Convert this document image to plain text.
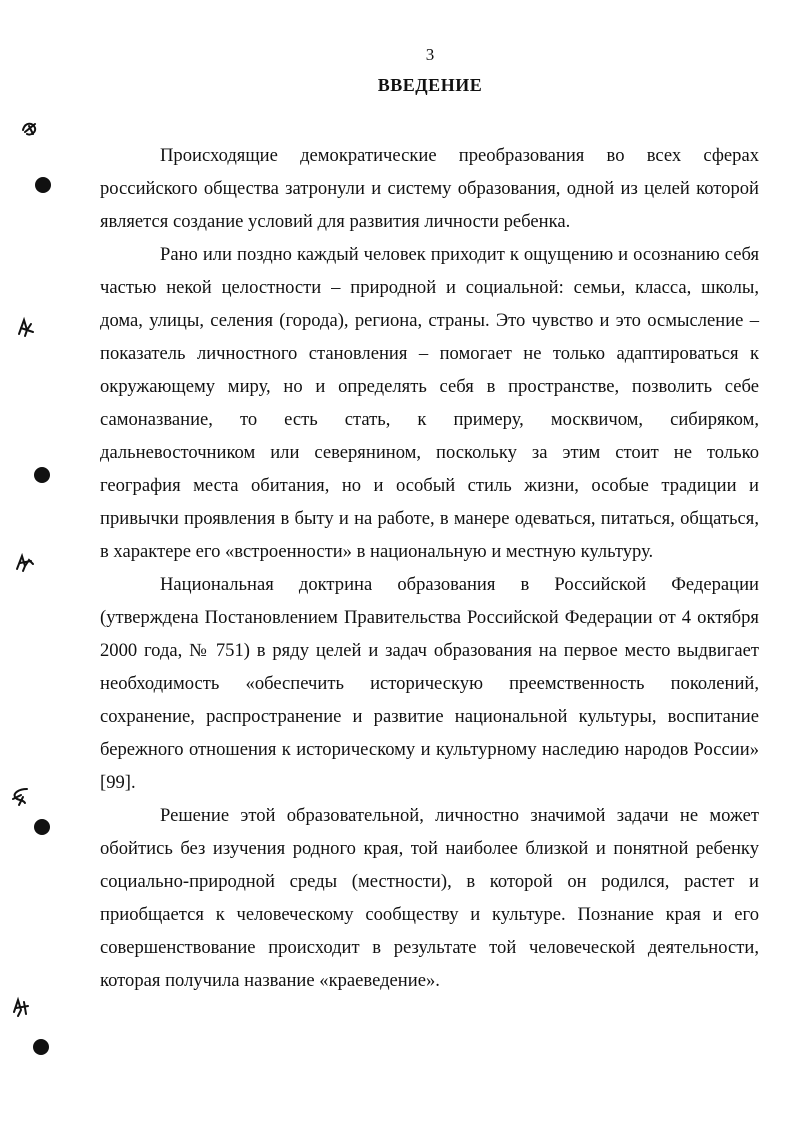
3
ВВЕДЕНИЕ

Происходящие демократические преобразования во всех сферах российского общества затронули и систему образования, одной из целей которой является создание условий для развития личности ребенка.

Рано или поздно каждый человек приходит к ощущению и осознанию себя частью некой целостности – природной и социальной: семьи, класса, школы, дома, улицы, селения (города), региона, страны. Это чувство и это осмысление – показатель личностного становления – помогает не только адаптироваться к окружающему миру, но и определять себя в пространстве, позволить себе самоназвание, то есть стать, к примеру, москвичом, сибиряком, дальневосточником или северянином, поскольку за этим стоит не только география места обитания, но и особый стиль жизни, особые традиции и привычки проявления в быту и на работе, в манере одеваться, питаться, общаться, в характере его «встроенности» в национальную и местную культуру.

Национальная доктрина образования в Российской Федерации (утверждена Постановлением Правительства Российской Федерации от 4 октября 2000 года, № 751) в ряду целей и задач образования на первое место выдвигает необходимость «обеспечить историческую преемственность поколений, сохранение, распространение и развитие национальной культуры, воспитание бережного отношения к историческому и культурному наследию народов России» [99].

Решение этой образовательной, личностно значимой задачи не может обойтись без изучения родного края, той наиболее близкой и понятной ребенку социально-природной среды (местности), в которой он родился, растет и приобщается к человеческому сообществу и культуре. Познание края и его совершенствование происходит в результате той человеческой деятельности, которая получила название «краеведение».
